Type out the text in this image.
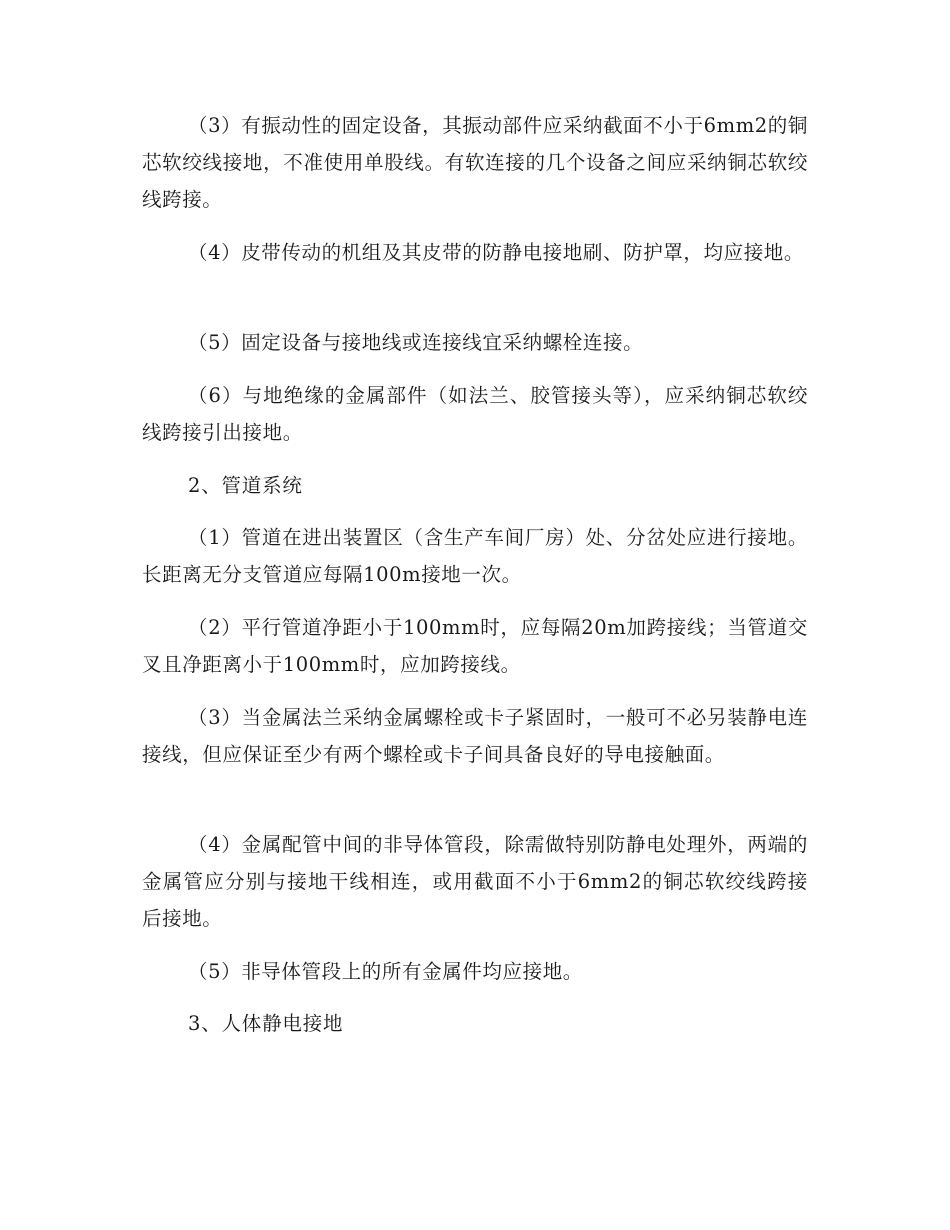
（3）有振动性的固定设备，其振动部件应采纳截面不小于6mm2的铜芯软绞线接地，不准使用单股线。有软连接的几个设备之间应采纳铜芯软绞线跨接。

（4）皮带传动的机组及其皮带的防静电接地刷、防护罩，均应接地。

（5）固定设备与接地线或连接线宜采纳螺栓连接。

（6）与地绝缘的金属部件（如法兰、胶管接头等），应采纳铜芯软绞线跨接引出接地。

2、管道系统

（1）管道在进出装置区（含生产车间厂房）处、分岔处应进行接地。长距离无分支管道应每隔100m接地一次。

（2）平行管道净距小于100mm时，应每隔20m加跨接线；当管道交叉且净距离小于100mm时，应加跨接线。

（3）当金属法兰采纳金属螺栓或卡子紧固时，一般可不必另装静电连接线，但应保证至少有两个螺栓或卡子间具备良好的导电接触面。

（4）金属配管中间的非导体管段，除需做特别防静电处理外，两端的金属管应分别与接地干线相连，或用截面不小于6mm2的铜芯软绞线跨接后接地。

（5）非导体管段上的所有金属件均应接地。

3、人体静电接地
